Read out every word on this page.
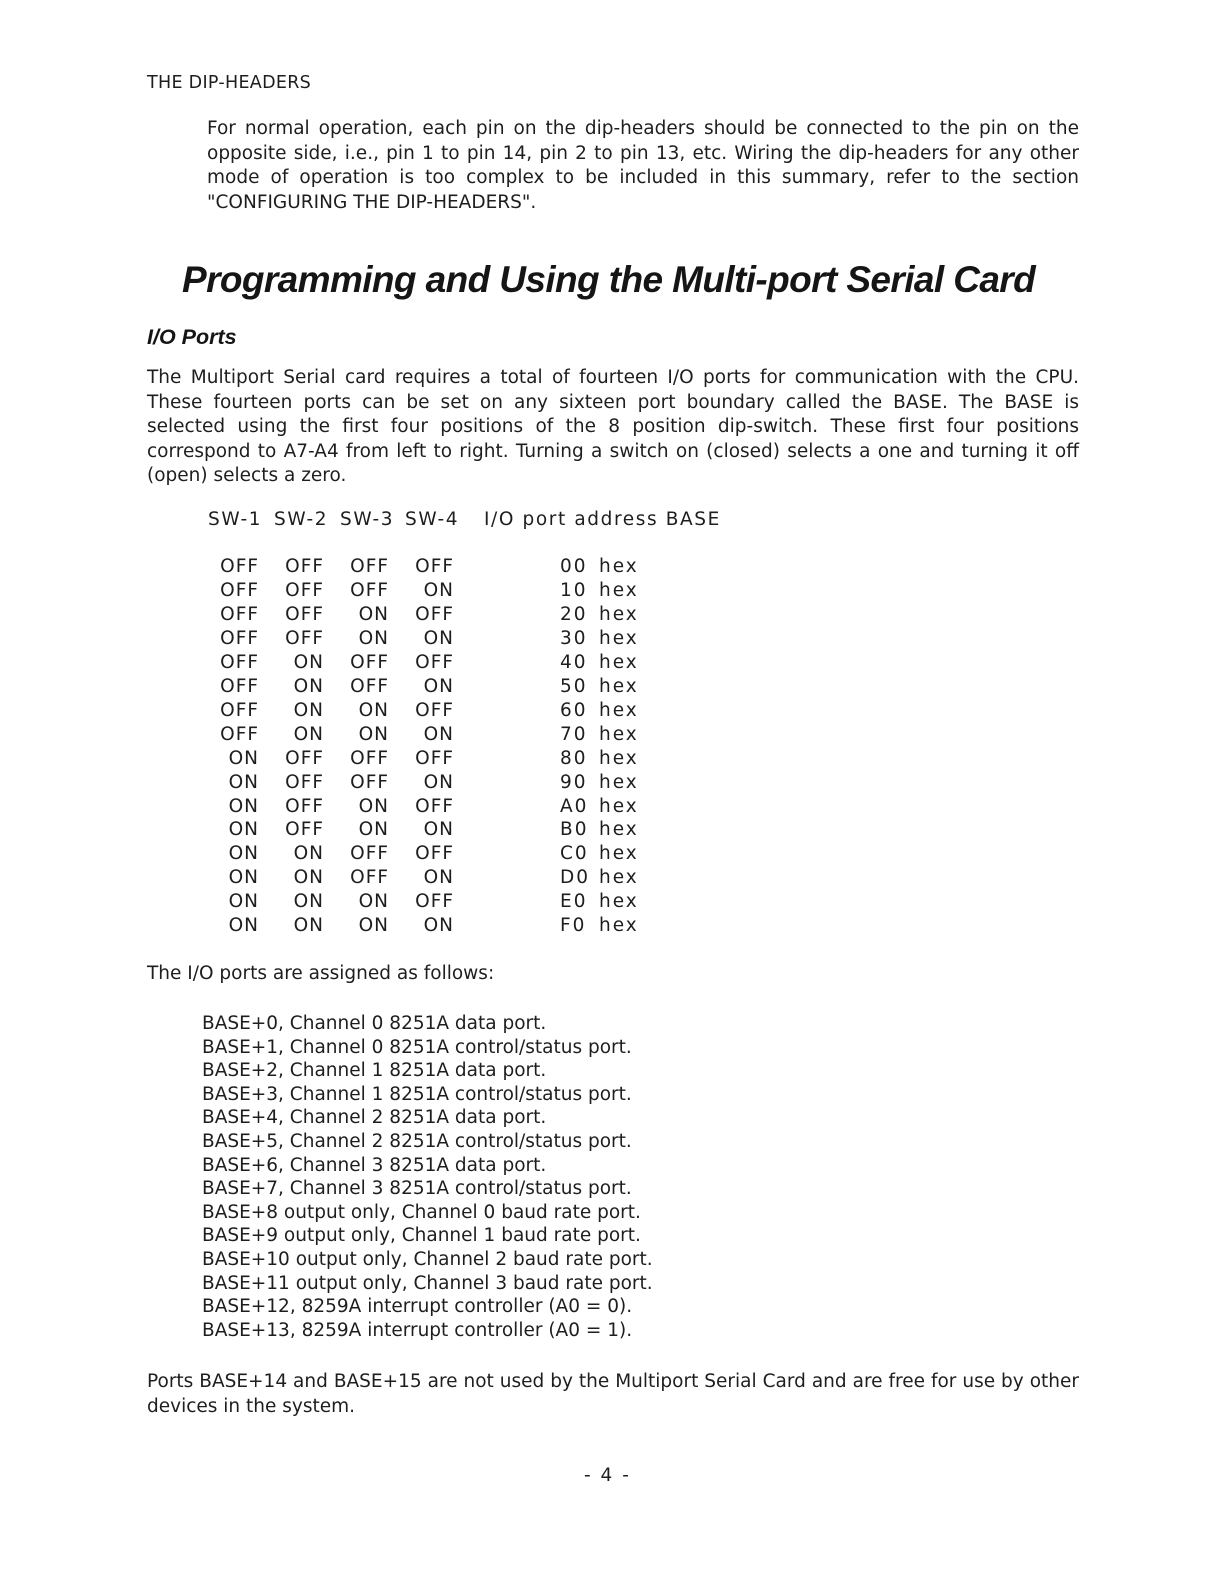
THE DIP-HEADERS

For normal operation, each pin on the dip-headers should be connected to the pin on the opposite side, i.e., pin 1 to pin 14, pin 2 to pin 13, etc. Wiring the dip-headers for any other mode of operation is too complex to be included in this summary, refer to the section "CONFIGURING THE DIP-HEADERS".

Programming and Using the Multi-port Serial Card
I/O Ports

The Multiport Serial card requires a total of fourteen I/O ports for communication with the CPU. These fourteen ports can be set on any sixteen port boundary called the BASE. The BASE is selected using the first four positions of the 8 position dip-switch. These first four positions correspond to A7-A4 from left to right. Turning a switch on (closed) selects a one and turning it off (open) selects a zero.

SW-1 SW-2 SW-3 SW-4 I/O port address BASE
OFF OFF OFF OFF	00 hex
OFF OFF OFF ON	10 hex
OFF OFF ON OFF	20 hex
OFF OFF ON ON	30 hex
OFF ON OFF OFF	40 hex
OFF ON OFF ON	50 hex
OFF ON ON OFF	60 hex
OFF ON ON ON	70 hex
ON OFF OFF OFF	80 hex
ON OFF OFF ON	90 hex
ON OFF ON OFF	A0 hex
ON OFF ON ON	B0 hex
ON ON OFF OFF	C0 hex
ON ON OFF ON	D0 hex
ON ON ON OFF	E0 hex
ON ON ON ON	F0 hex
The I/O ports are assigned as follows:
BASE+0, Channel 0 8251A data port.
BASE+1, Channel 0 8251A control/status port.
BASE+2, Channel 1 8251A data port.
BASE+3, Channel 1 8251A control/status port.
BASE+4, Channel 2 8251A data port.
BASE+5, Channel 2 8251A control/status port.
BASE+6, Channel 3 8251A data port.
BASE+7, Channel 3 8251A control/status port.
BASE+8 output only, Channel 0 baud rate port.
BASE+9 output only, Channel 1 baud rate port.
BASE+10 output only, Channel 2 baud rate port.
BASE+11 output only, Channel 3 baud rate port.
BASE+12, 8259A interrupt controller (A0 = 0).
BASE+13, 8259A interrupt controller (A0 = 1).

Ports BASE+14 and BASE+15 are not used by the Multiport Serial Card and are free for use by other devices in the system.

- 4 -
